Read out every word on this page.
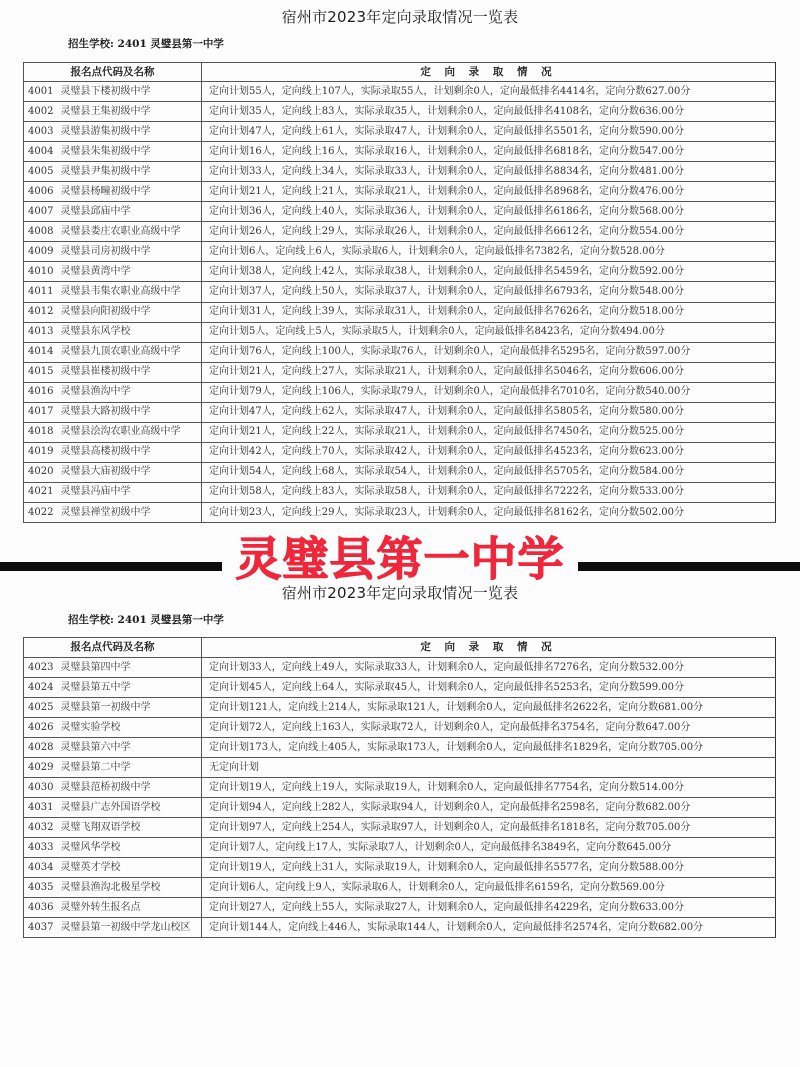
宿州市2023年定向录取情况一览表
招生学校: 2401 灵璧县第一中学
报名点代码及名称	定 向 录 取 情 况
4001 灵璧县下楼初级中学	定向计划55人，定向线上107人，实际录取55人，计划剩余0人，定向最低排名4414名，定向分数627.00分
4002 灵璧县王集初级中学	定向计划35人，定向线上83人，实际录取35人，计划剩余0人，定向最低排名4108名，定向分数636.00分
4003 灵璧县游集初级中学	定向计划47人，定向线上61人，实际录取47人，计划剩余0人，定向最低排名5501名，定向分数590.00分
4004 灵璧县朱集初级中学	定向计划16人，定向线上16人，实际录取16人，计划剩余0人，定向最低排名6818名，定向分数547.00分
4005 灵璧县尹集初级中学	定向计划33人，定向线上34人，实际录取33人，计划剩余0人，定向最低排名8834名，定向分数481.00分
4006 灵璧县杨疃初级中学	定向计划21人，定向线上21人，实际录取21人，计划剩余0人，定向最低排名8968名，定向分数476.00分
4007 灵璧县邱庙中学	定向计划36人，定向线上40人，实际录取36人，计划剩余0人，定向最低排名6186名，定向分数568.00分
4008 灵璧县娄庄农职业高级中学	定向计划26人，定向线上29人，实际录取26人，计划剩余0人，定向最低排名6612名，定向分数554.00分
4009 灵璧县司房初级中学	定向计划6人，定向线上6人，实际录取6人，计划剩余0人，定向最低排名7382名，定向分数528.00分
4010 灵璧县黄湾中学	定向计划38人，定向线上42人，实际录取38人，计划剩余0人，定向最低排名5459名，定向分数592.00分
4011 灵璧县韦集农职业高级中学	定向计划37人，定向线上50人，实际录取37人，计划剩余0人，定向最低排名6793名，定向分数548.00分
4012 灵璧县向阳初级中学	定向计划31人，定向线上39人，实际录取31人，计划剩余0人，定向最低排名7626名，定向分数518.00分
4013 灵璧县东风学校	定向计划5人，定向线上5人，实际录取5人，计划剩余0人，定向最低排名8423名，定向分数494.00分
4014 灵璧县九顶农职业高级中学	定向计划76人，定向线上100人，实际录取76人，计划剩余0人，定向最低排名5295名，定向分数597.00分
4015 灵璧县崔楼初级中学	定向计划21人，定向线上27人，实际录取21人，计划剩余0人，定向最低排名5046名，定向分数606.00分
4016 灵璧县渔沟中学	定向计划79人，定向线上106人，实际录取79人，计划剩余0人，定向最低排名7010名，定向分数540.00分
4017 灵璧县大路初级中学	定向计划47人，定向线上62人，实际录取47人，计划剩余0人，定向最低排名5805名，定向分数580.00分
4018 灵璧县浍沟农职业高级中学	定向计划21人，定向线上22人，实际录取21人，计划剩余0人，定向最低排名7450名，定向分数525.00分
4019 灵璧县高楼初级中学	定向计划42人，定向线上70人，实际录取42人，计划剩余0人，定向最低排名4523名，定向分数623.00分
4020 灵璧县大庙初级中学	定向计划54人，定向线上68人，实际录取54人，计划剩余0人，定向最低排名5705名，定向分数584.00分
4021 灵璧县冯庙中学	定向计划58人，定向线上83人，实际录取58人，计划剩余0人，定向最低排名7222名，定向分数533.00分
4022 灵璧县禅堂初级中学	定向计划23人，定向线上29人，实际录取23人，计划剩余0人，定向最低排名8162名，定向分数502.00分
灵璧县第一中学
宿州市2023年定向录取情况一览表
招生学校: 2401 灵璧县第一中学
报名点代码及名称	定 向 录 取 情 况
4023 灵璧县第四中学	定向计划33人，定向线上49人，实际录取33人，计划剩余0人，定向最低排名7276名，定向分数532.00分
4024 灵璧县第五中学	定向计划45人，定向线上64人，实际录取45人，计划剩余0人，定向最低排名5253名，定向分数599.00分
4025 灵璧县第一初级中学	定向计划121人，定向线上214人，实际录取121人，计划剩余0人，定向最低排名2622名，定向分数681.00分
4026 灵璧实验学校	定向计划72人，定向线上163人，实际录取72人，计划剩余0人，定向最低排名3754名，定向分数647.00分
4028 灵璧县第六中学	定向计划173人，定向线上405人，实际录取173人，计划剩余0人，定向最低排名1829名，定向分数705.00分
4029 灵璧县第二中学	无定向计划
4030 灵璧县范桥初级中学	定向计划19人，定向线上19人，实际录取19人，计划剩余0人，定向最低排名7754名，定向分数514.00分
4031 灵璧县广志外国语学校	定向计划94人，定向线上282人，实际录取94人，计划剩余0人，定向最低排名2598名，定向分数682.00分
4032 灵璧飞翔双语学校	定向计划97人，定向线上254人，实际录取97人，计划剩余0人，定向最低排名1818名，定向分数705.00分
4033 灵璧风华学校	定向计划7人，定向线上17人，实际录取7人，计划剩余0人，定向最低排名3849名，定向分数645.00分
4034 灵璧英才学校	定向计划19人，定向线上31人，实际录取19人，计划剩余0人，定向最低排名5577名，定向分数588.00分
4035 灵璧县渔沟北极星学校	定向计划6人，定向线上9人，实际录取6人，计划剩余0人，定向最低排名6159名，定向分数569.00分
4036 灵璧外转生报名点	定向计划27人，定向线上55人，实际录取27人，计划剩余0人，定向最低排名4229名，定向分数633.00分
4037 灵璧县第一初级中学龙山校区	定向计划144人，定向线上446人，实际录取144人，计划剩余0人，定向最低排名2574名，定向分数682.00分
